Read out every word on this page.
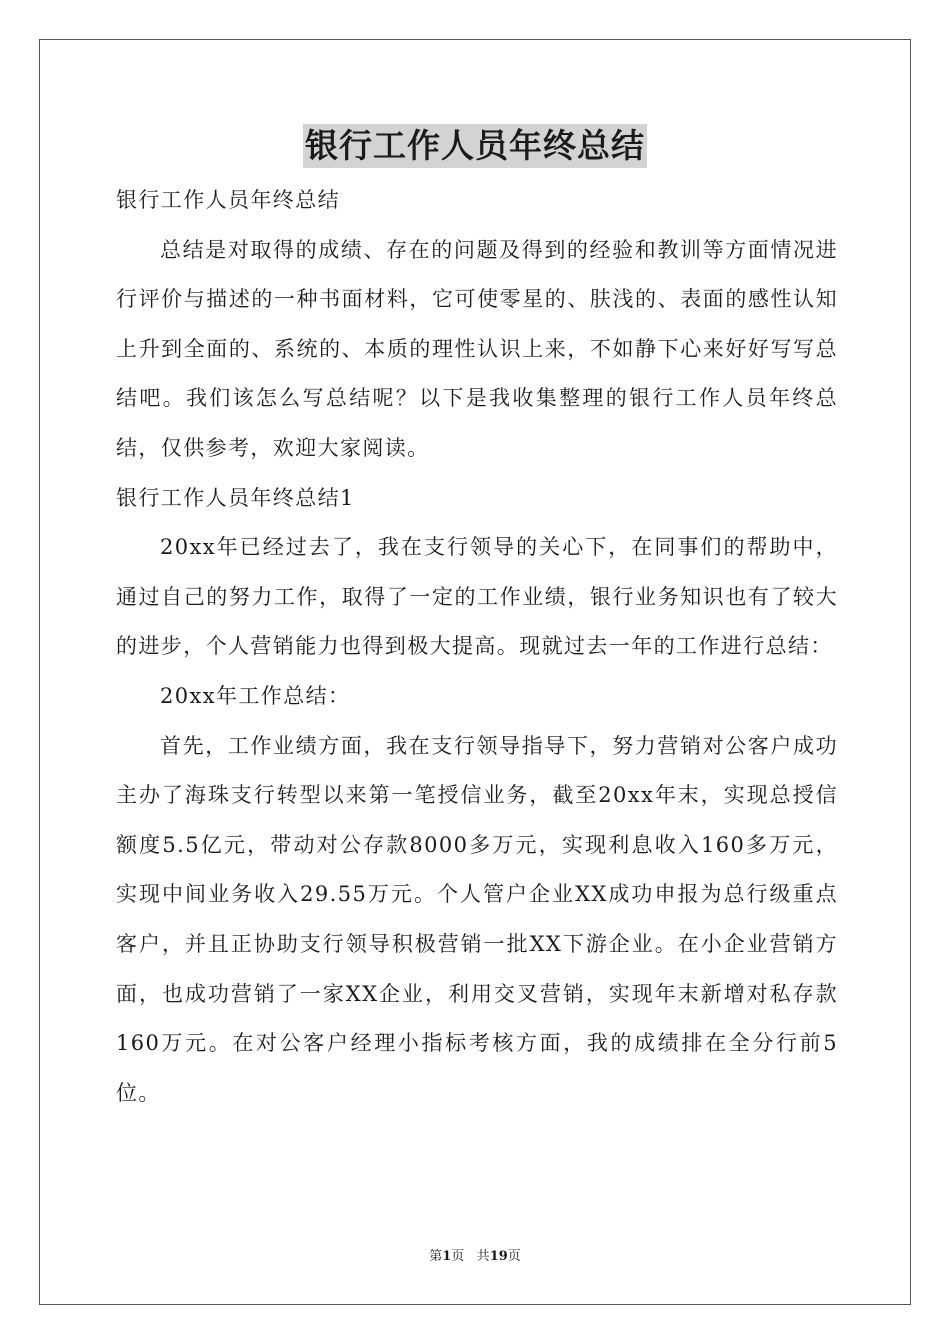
银行工作人员年终总结

银行工作人员年终总结

总结是对取得的成绩、存在的问题及得到的经验和教训等方面情况进行评价与描述的一种书面材料，它可使零星的、肤浅的、表面的感性认知上升到全面的、系统的、本质的理性认识上来，不如静下心来好好写写总结吧。我们该怎么写总结呢？以下是我收集整理的银行工作人员年终总结，仅供参考，欢迎大家阅读。

银行工作人员年终总结1

20xx年已经过去了，我在支行领导的关心下，在同事们的帮助中，通过自己的努力工作，取得了一定的工作业绩，银行业务知识也有了较大的进步，个人营销能力也得到极大提高。现就过去一年的工作进行总结：

20xx年工作总结：

首先，工作业绩方面，我在支行领导指导下，努力营销对公客户成功主办了海珠支行转型以来第一笔授信业务，截至20xx年末，实现总授信额度5.5亿元，带动对公存款8000多万元，实现利息收入160多万元，实现中间业务收入29.55万元。个人管户企业XX成功申报为总行级重点客户，并且正协助支行领导积极营销一批XX下游企业。在小企业营销方面，也成功营销了一家XX企业，利用交叉营销，实现年末新增对私存款160万元。在对公客户经理小指标考核方面，我的成绩排在全分行前5位。

第1页 共19页
